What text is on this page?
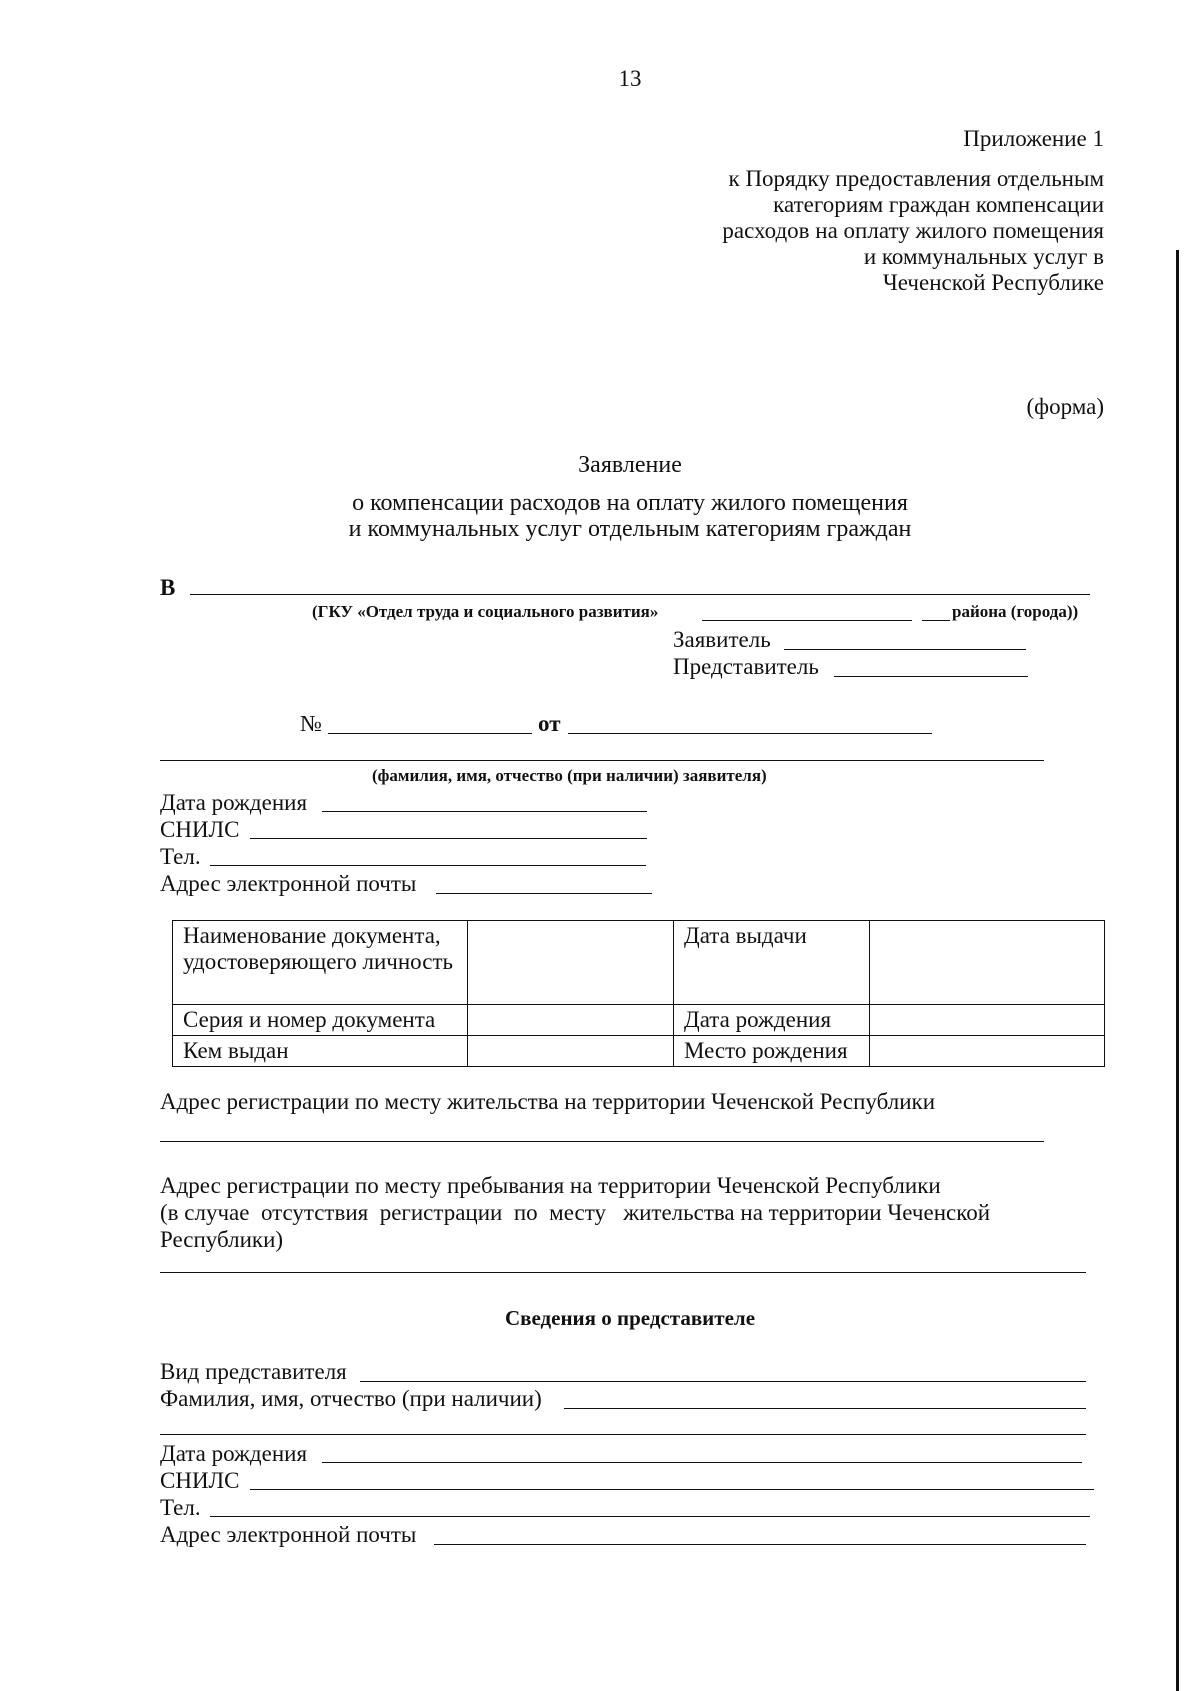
13
Приложение 1
к Порядку предоставления отдельным
категориям граждан компенсации
расходов на оплату жилого помещения
и коммунальных услуг в
Чеченской Республике
(форма)
Заявление
о компенсации расходов на оплату жилого помещения
и коммунальных услуг отдельным категориям граждан
В
(ГКУ «Отдел труда и социального развития»	района (города))
Заявитель
Представитель
№	от
(фамилия, имя, отчество (при наличии) заявителя)
Дата рождения
СНИЛС
Тел.
Адрес электронной почты
Наименование документа, удостоверяющего личность		Дата выдачи	
Серия и номер документа		Дата рождения	
Кем выдан		Место рождения	
Адрес регистрации по месту жительства на территории Чеченской Республики
Адрес регистрации по месту пребывания на территории Чеченской Республики
(в случае  отсутствия  регистрации  по  месту   жительства на территории Чеченской
Республики)
Сведения о представителе
Вид представителя
Фамилия, имя, отчество (при наличии)
Дата рождения
СНИЛС
Тел.
Адрес электронной почты
